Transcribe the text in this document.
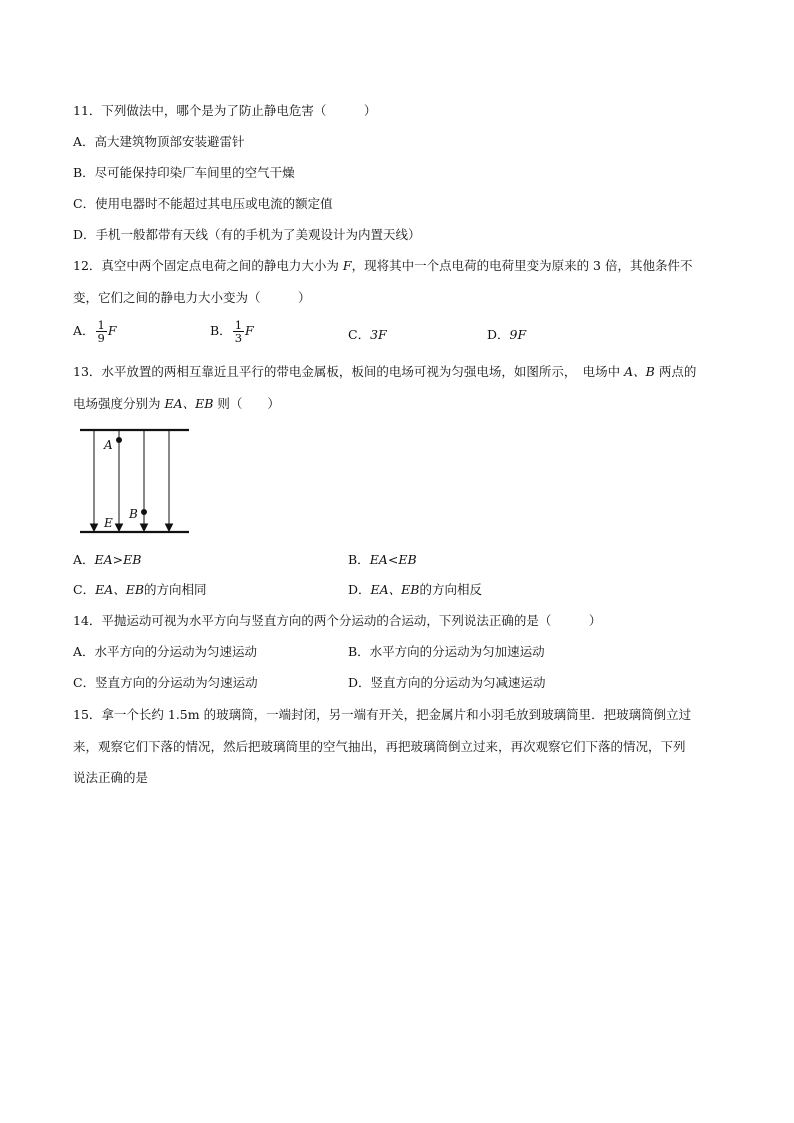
11．下列做法中，哪个是为了防止静电危害（　　　）
A．高大建筑物顶部安装避雷针
B．尽可能保持印染厂车间里的空气干燥
C．使用电器时不能超过其电压或电流的额定值
D．手机一般都带有天线（有的手机为了美观设计为内置天线）
12．真空中两个固定点电荷之间的静电力大小为 F，现将其中一个点电荷的电荷里变为原来的 3 倍，其他条件不
变，它们之间的静电力大小变为（　　　）
A． $\frac{1}{9}$ F	B． $\frac{1}{3}$ F	C．3F	D．9F
13．水平放置的两相互靠近且平行的带电金属板，板间的电场可视为匀强电场，如图所示，　电场中 A、B 两点的
电场强度分别为 EA、EB 则（　　）
A
B
E
A．EA>EB	B．EA<EB
C．EA、EB的方向相同	D．EA、EB的方向相反
14．平抛运动可视为水平方向与竖直方向的两个分运动的合运动，下列说法正确的是（　　　）
A．水平方向的分运动为匀速运动	B．水平方向的分运动为匀加速运动
C．竖直方向的分运动为匀速运动	D．竖直方向的分运动为匀减速运动
15．拿一个长约 1.5m 的玻璃筒，一端封闭，另一端有开关，把金属片和小羽毛放到玻璃筒里．把玻璃筒倒立过
来，观察它们下落的情况，然后把玻璃筒里的空气抽出，再把玻璃筒倒立过来，再次观察它们下落的情况，下列
说法正确的是
